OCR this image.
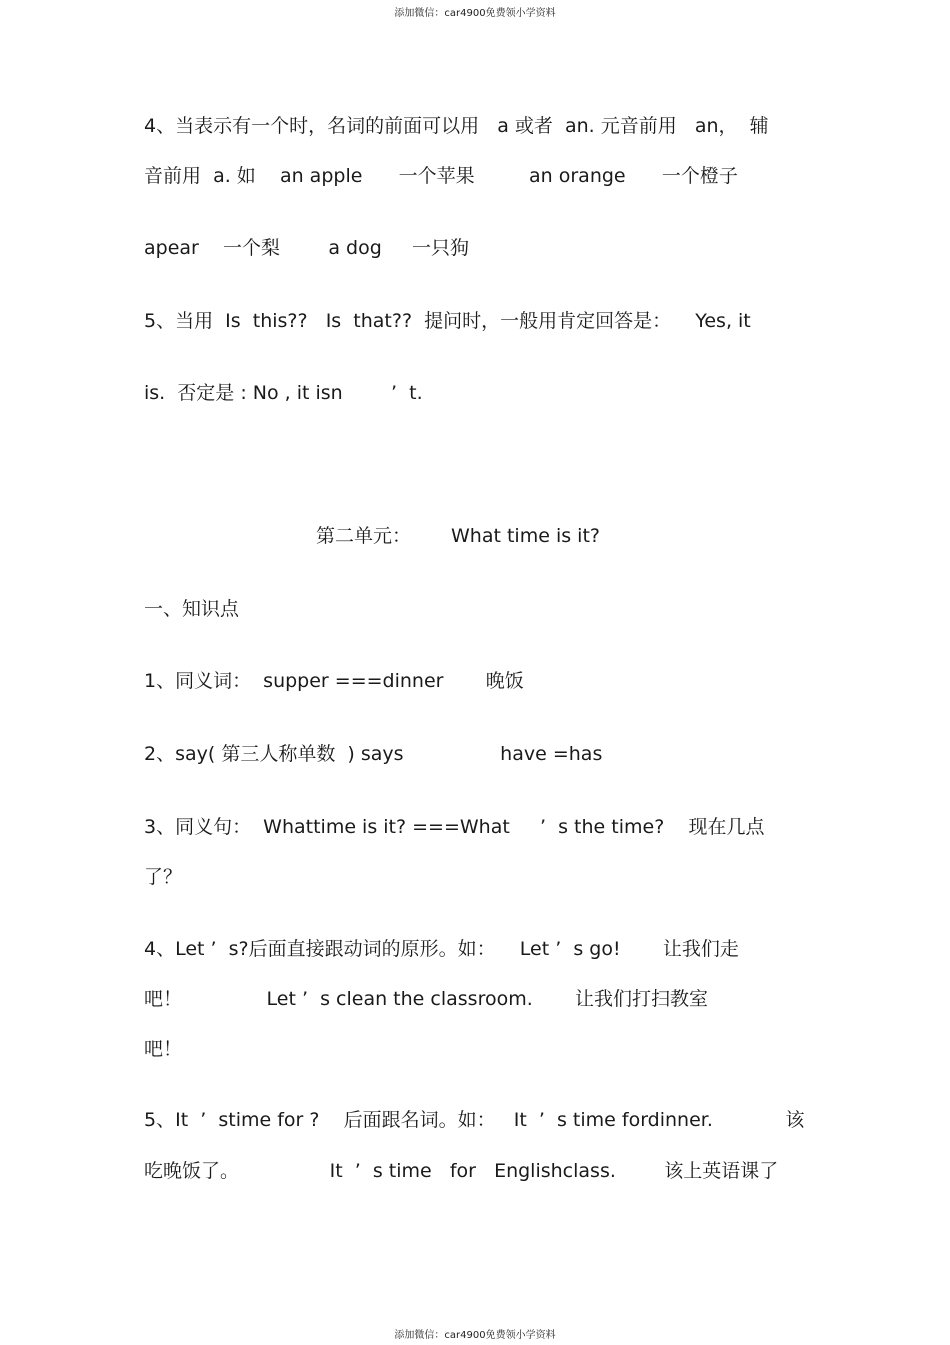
添加微信：car4900免费领小学资料
4、当表示有一个时，名词的前面可以用   a 或者  an. 元音前用   an，  辅
音前用  a. 如    an apple      一个苹果         an orange      一个橙子
apear    一个梨        a dog     一只狗
5、当用  Is  this??   Is  that??  提问时，一般用肯定回答是：    Yes, it
is.  否定是 : No , it isn        ’  t.
第二单元： What time is it?
一、知识点
1、同义词：  supper ===dinner       晚饭
2、say( 第三人称单数  ) says                have =has
3、同义句：  Whattime is it? ===What     ’  s the time?    现在几点
了？
4、Let ’  s?后面直接跟动词的原形。如：    Let ’  s go!       让我们走
吧！              Let ’  s clean the classroom.       让我们打扫教室
吧！
5、It  ’  stime for ?    后面跟名词。如：   It  ’  s time fordinner.            该
吃晚饭了。               It  ’  s time   for   Englishclass.        该上英语课了
添加微信：car4900免费领小学资料
